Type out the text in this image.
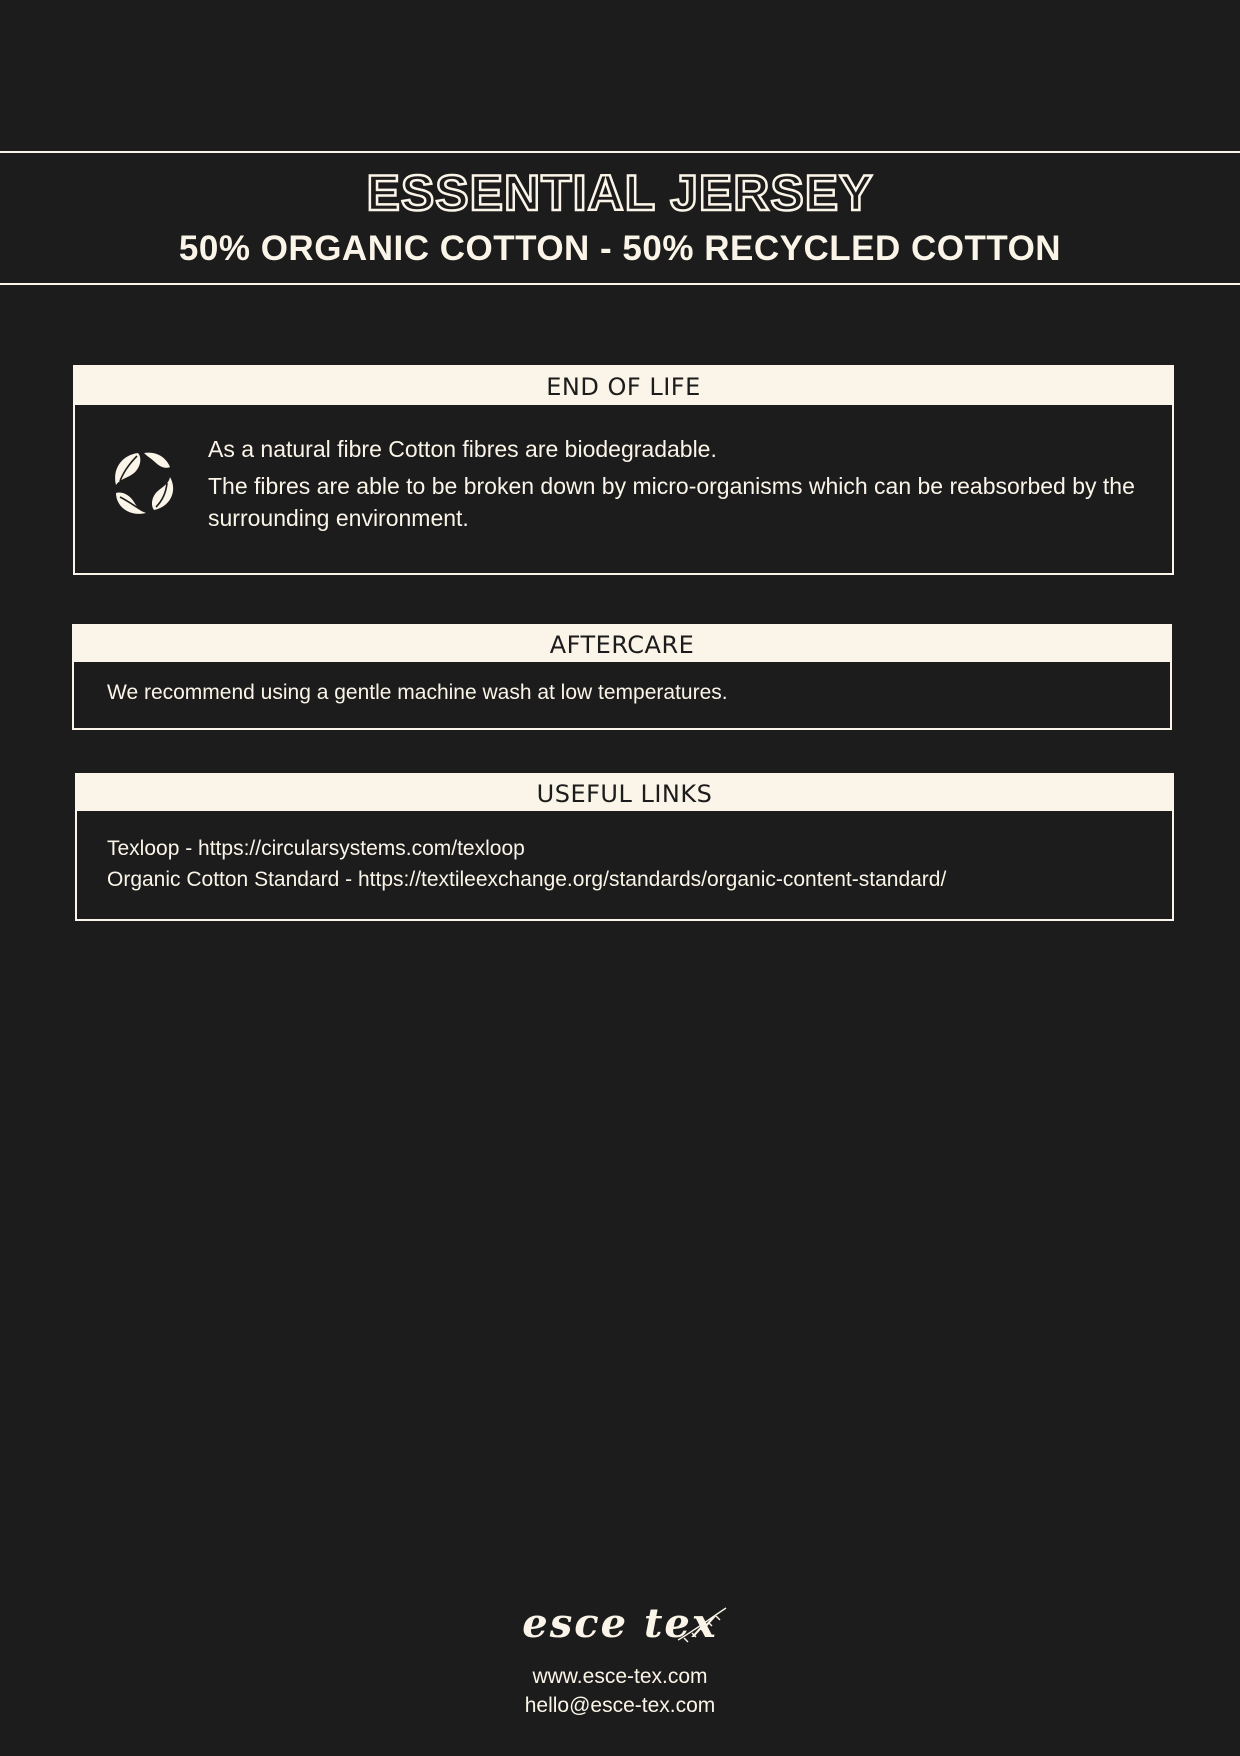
ESSENTIAL JERSEY
50% ORGANIC COTTON - 50% RECYCLED COTTON
END OF LIFE

As a natural fibre Cotton fibres are biodegradable.

The fibres are able to be broken down by micro-organisms which can be reabsorbed by the surrounding environment.

AFTERCARE
We recommend using a gentle machine wash at low temperatures.
USEFUL LINKS
Texloop - https://circularsystems.com/texloop
Organic Cotton Standard - https://textileexchange.org/standards/organic-content-standard/
esce tex
www.esce-tex.com
hello@esce-tex.com
